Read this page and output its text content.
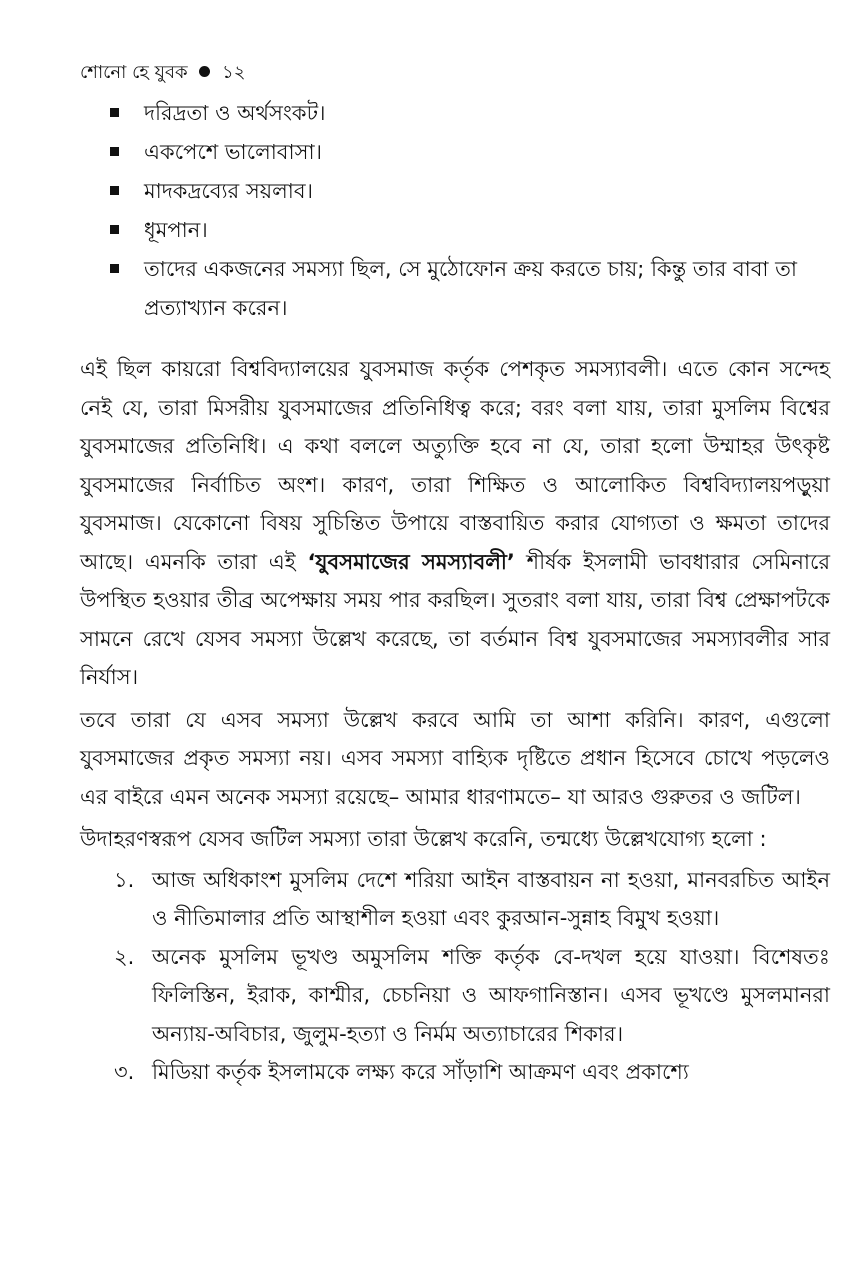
শোনো হে যুবক ১২
দরিদ্রতা ও অর্থসংকট।
একপেশে ভালোবাসা।
মাদকদ্রব্যের সয়লাব।
ধূমপান।
তাদের একজনের সমস্যা ছিল, সে মুঠোফোন ক্রয় করতে চায়; কিন্তু তার বাবা তা প্রত্যাখ্যান করেন।

এই ছিল কায়রো বিশ্ববিদ্যালয়ের যুবসমাজ কর্তৃক পেশকৃত সমস্যাবলী। এতে কোন সন্দেহ নেই যে, তারা মিসরীয় যুবসমাজের প্রতিনিধিত্ব করে; বরং বলা যায়, তারা মুসলিম বিশ্বের যুবসমাজের প্রতিনিধি। এ কথা বললে অত্যুক্তি হবে না যে, তারা হলো উম্মাহর উৎকৃষ্ট যুবসমাজের নির্বাচিত অংশ। কারণ, তারা শিক্ষিত ও আলোকিত বিশ্ববিদ্যালয়পড়ুয়া যুবসমাজ। যেকোনো বিষয় সুচিন্তিত উপায়ে বাস্তবায়িত করার যোগ্যতা ও ক্ষমতা তাদের আছে। এমনকি তারা এই ‘যুবসমাজের সমস্যাবলী’ শীর্ষক ইসলামী ভাবধারার সেমিনারে উপস্থিত হওয়ার তীব্র অপেক্ষায় সময় পার করছিল। সুতরাং বলা যায়, তারা বিশ্ব প্রেক্ষাপটকে সামনে রেখে যেসব সমস্যা উল্লেখ করেছে, তা বর্তমান বিশ্ব যুবসমাজের সমস্যাবলীর সার নির্যাস।

তবে তারা যে এসব সমস্যা উল্লেখ করবে আমি তা আশা করিনি। কারণ, এগুলো যুবসমাজের প্রকৃত সমস্যা নয়। এসব সমস্যা বাহ্যিক দৃষ্টিতে প্রধান হিসেবে চোখে পড়লেও এর বাইরে এমন অনেক সমস্যা রয়েছে– আমার ধারণামতে– যা আরও গুরুতর ও জটিল।

উদাহরণস্বরূপ যেসব জটিল সমস্যা তারা উল্লেখ করেনি, তন্মধ্যে উল্লেখযোগ্য হলো :

১. আজ অধিকাংশ মুসলিম দেশে শরিয়া আইন বাস্তবায়ন না হওয়া, মানবরচিত আইন ও নীতিমালার প্রতি আস্থাশীল হওয়া এবং কুরআন-সুন্নাহ বিমুখ হওয়া।
২. অনেক মুসলিম ভূখণ্ড অমুসলিম শক্তি কর্তৃক বে-দখল হয়ে যাওয়া। বিশেষতঃ ফিলিস্তিন, ইরাক, কাশ্মীর, চেচনিয়া ও আফগানিস্তান। এসব ভূখণ্ডে মুসলমানরা অন্যায়-অবিচার, জুলুম-হত্যা ও নির্মম অত্যাচারের শিকার।
৩. মিডিয়া কর্তৃক ইসলামকে লক্ষ্য করে সাঁড়াশি আক্রমণ এবং প্রকাশ্যে
